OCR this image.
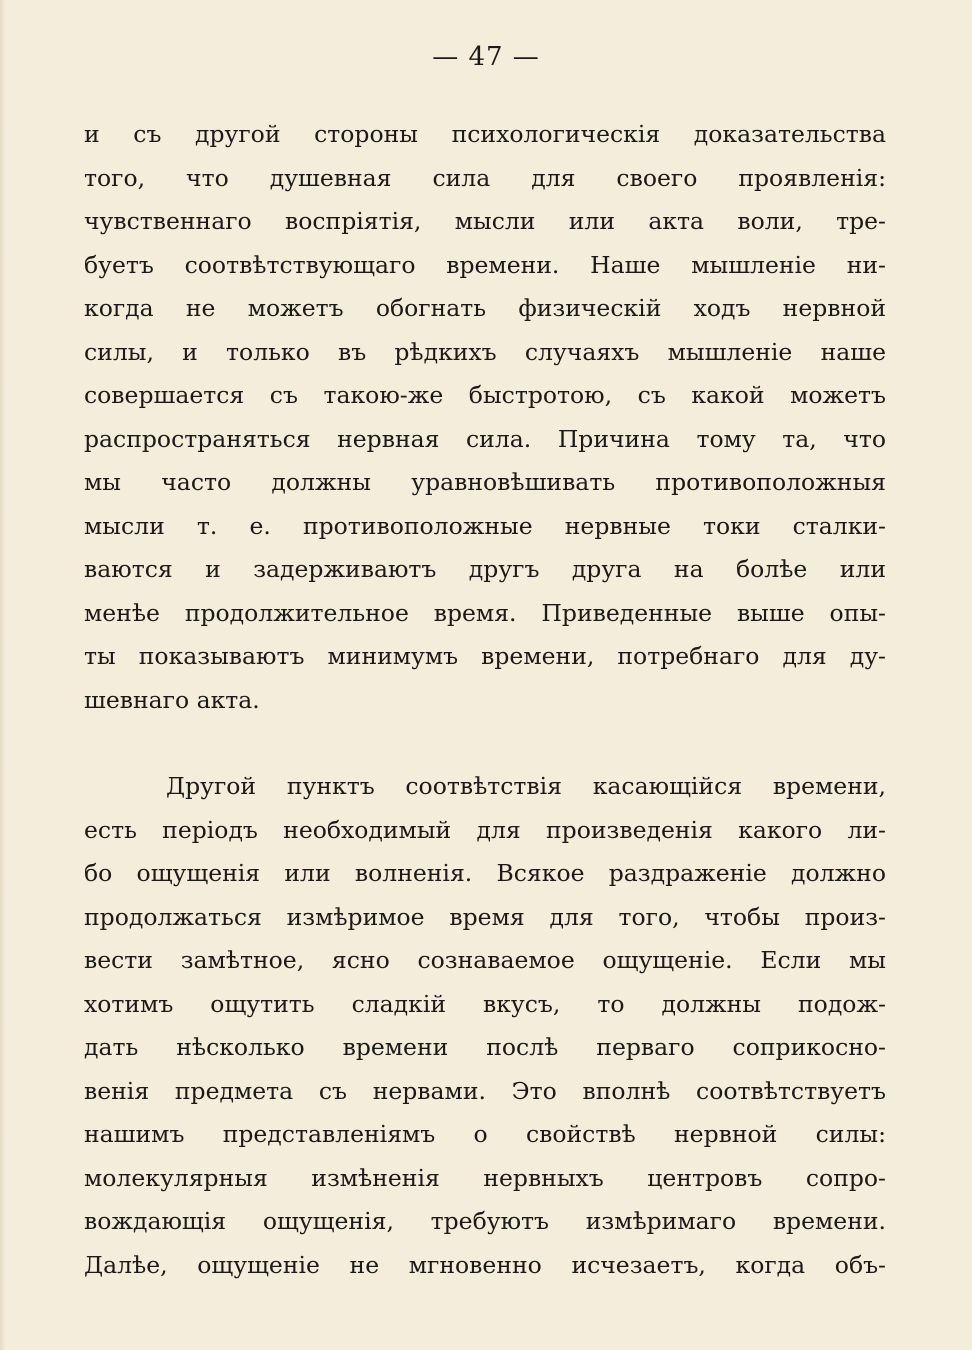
— 47 —
и съ другой стороны психологическія доказательства
того, что душевная сила для своего проявленія:
чувственнаго воспріятія, мысли или акта воли, тре-
буетъ соотвѣтствующаго времени. Наше мышленіе ни-
когда не можетъ обогнать физическій ходъ нервной
силы, и только въ рѣдкихъ случаяхъ мышленіе наше
совершается съ такою-же быстротою, съ какой можетъ
распространяться нервная сила. Причина тому та, что
мы часто должны уравновѣшивать противоположныя
мысли т. е. противоположные нервные токи сталки-
ваются и задерживаютъ другъ друга на болѣе или
менѣе продолжительное время. Приведенные выше опы-
ты показываютъ минимумъ времени, потребнаго для ду-
шевнаго акта.
Другой пунктъ соотвѣтствія касающійся времени,
есть періодъ необходимый для произведенія какого ли-
бо ощущенія или волненія. Всякое раздраженіе должно
продолжаться измѣримое время для того, чтобы произ-
вести замѣтное, ясно сознаваемое ощущеніе. Если мы
хотимъ ощутить сладкій вкусъ, то должны подож-
дать нѣсколько времени послѣ перваго соприкосно-
венія предмета съ нервами. Это вполнѣ соотвѣтствуетъ
нашимъ представленіямъ о свойствѣ нервной силы:
молекулярныя измѣненія нервныхъ центровъ сопро-
вождающія ощущенія, требуютъ измѣримаго времени.
Далѣе, ощущеніе не мгновенно исчезаетъ, когда объ-
